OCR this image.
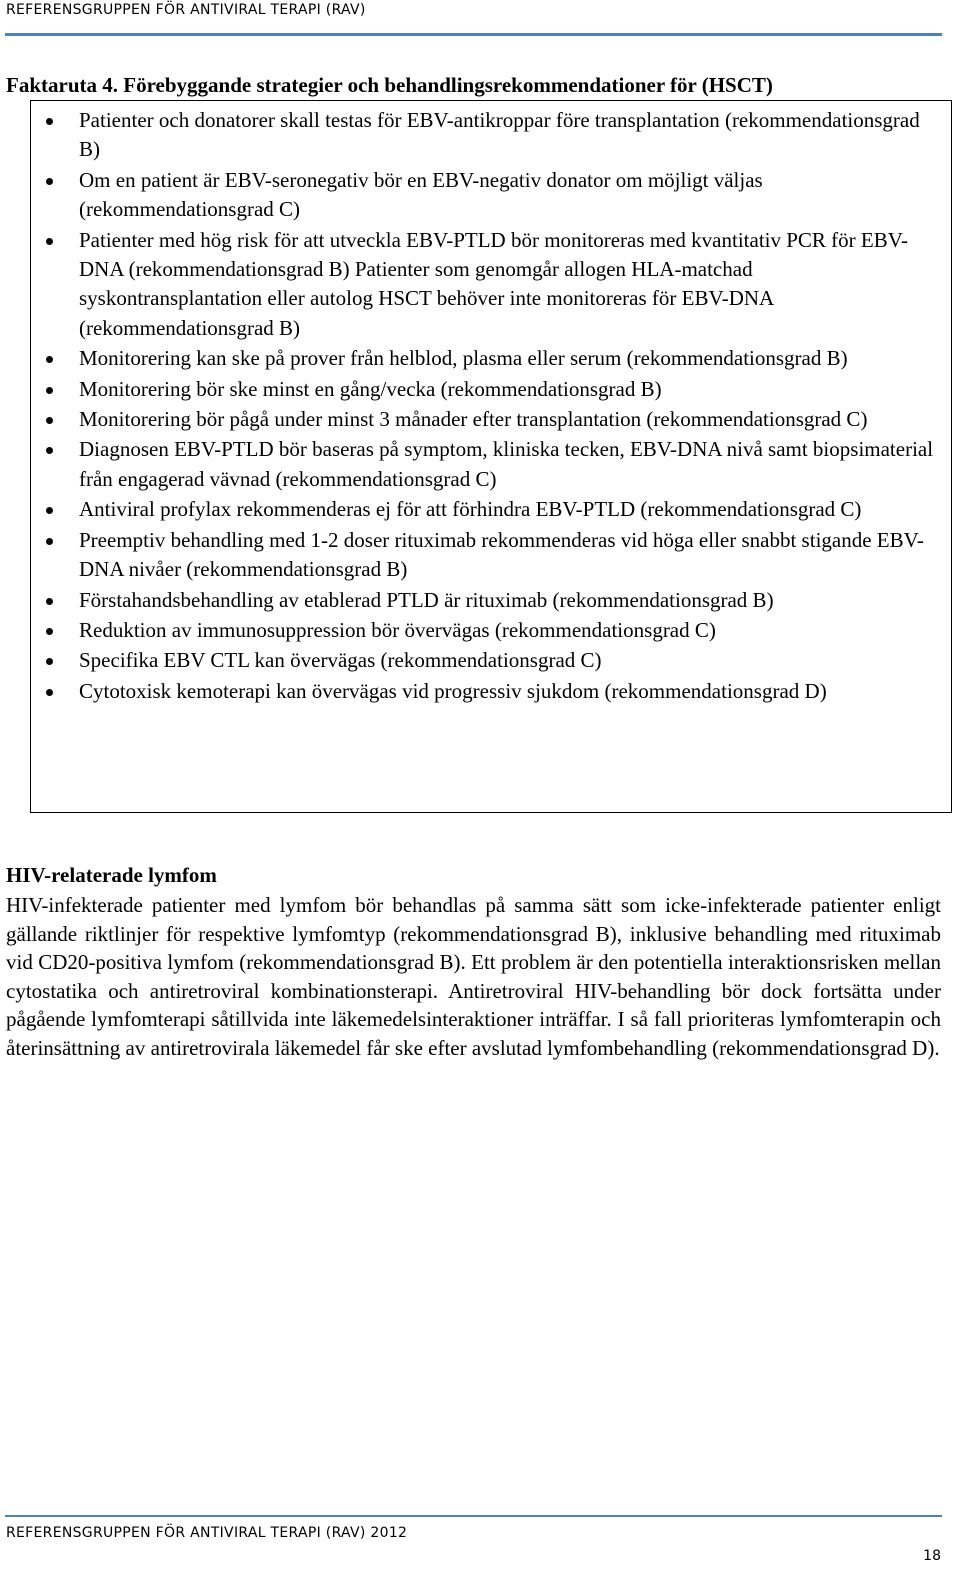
REFERENSGRUPPEN FÖR ANTIVIRAL TERAPI (RAV)
Faktaruta 4. Förebyggande strategier och behandlingsrekommendationer för (HSCT)
Patienter och donatorer skall testas för EBV-antikroppar före transplantation (rekommendationsgrad B)
Om en patient är EBV-seronegativ bör en EBV-negativ donator om möjligt väljas (rekommendationsgrad C)
Patienter med hög risk för att utveckla EBV-PTLD bör monitoreras med kvantitativ PCR för EBV-DNA (rekommendationsgrad B) Patienter som genomgår allogen HLA-matchad syskontransplantation eller autolog HSCT behöver inte monitoreras för EBV-DNA (rekommendationsgrad B)
Monitorering kan ske på prover från helblod, plasma eller serum (rekommendationsgrad B)
Monitorering bör ske minst en gång/vecka (rekommendationsgrad B)
Monitorering bör pågå under minst 3 månader efter transplantation (rekommendationsgrad C)
Diagnosen EBV-PTLD bör baseras på symptom, kliniska tecken, EBV-DNA nivå samt biopsimaterial från engagerad vävnad (rekommendationsgrad C)
Antiviral profylax rekommenderas ej för att förhindra EBV-PTLD (rekommendationsgrad C)
Preemptiv behandling med 1-2 doser rituximab rekommenderas vid höga eller snabbt stigande EBV-DNA nivåer (rekommendationsgrad B)
Förstahandsbehandling av etablerad PTLD är rituximab (rekommendationsgrad B)
Reduktion av immunosuppression bör övervägas (rekommendationsgrad C)
Specifika EBV CTL kan övervägas (rekommendationsgrad C)
Cytotoxisk kemoterapi kan övervägas vid progressiv sjukdom (rekommendationsgrad D)
HIV-relaterade lymfom

HIV-infekterade patienter med lymfom bör behandlas på samma sätt som icke-infekterade patienter enligt gällande riktlinjer för respektive lymfomtyp (rekommendationsgrad B), inklusive behandling med rituximab vid CD20-positiva lymfom (rekommendationsgrad B). Ett problem är den potentiella interaktionsrisken mellan cytostatika och antiretroviral kombinationsterapi. Antiretroviral HIV-behandling bör dock fortsätta under pågående lymfomterapi såtillvida inte läkemedelsinteraktioner inträffar. I så fall prioriteras lymfomterapin och återinsättning av antiretrovirala läkemedel får ske efter avslutad lymfombehandling (rekommendationsgrad D).

REFERENSGRUPPEN FÖR ANTIVIRAL TERAPI (RAV) 2012
18
